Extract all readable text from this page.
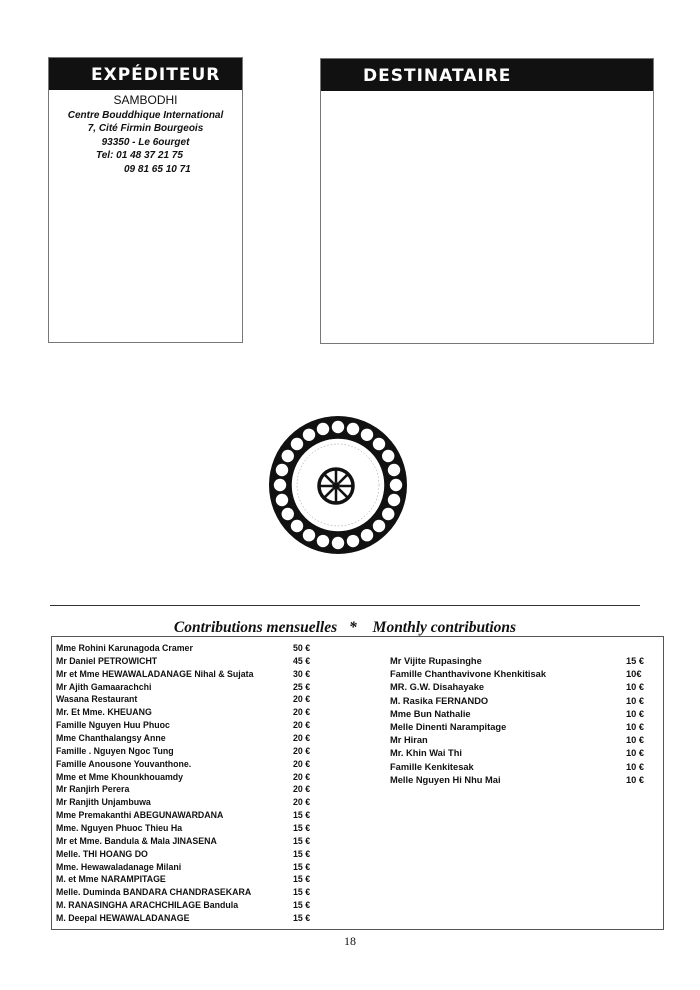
EXPÉDITEUR
SAMBODHI
Centre Bouddhique International
7, Cité Firmin Bourgeois
93350 - Le 6ourget
Tel: 01 48 37 21 75
09 81 65 10 71
DESTINATAIRE
Contributions mensuelles * Monthly contributions
Mme Rohini Karunagoda Cramer	50 €
Mr Daniel PETROWICHT	45 €
Mr et Mme HEWAWALADANAGE Nihal & Sujata	30 €
Mr Ajith Gamaarachchi	25 €
Wasana Restaurant	20 €
Mr. Et Mme. KHEUANG	20 €
Famille Nguyen Huu Phuoc	20 €
Mme Chanthalangsy Anne	20 €
Famille . Nguyen Ngoc Tung	20 €
Famille Anousone Youvanthone.	20 €
Mme et Mme Khounkhouamdy	20 €
Mr Ranjirh Perera	20 €
Mr Ranjith Unjambuwa	20 €
Mme Premakanthi ABEGUNAWARDANA	15 €
Mme. Nguyen Phuoc Thieu Ha	15 €
Mr et Mme. Bandula & Mala JINASENA	15 €
Melle. THI HOANG DO	15 €
Mme. Hewawaladanage Milani	15 €
M. et Mme NARAMPITAGE	15 €
Melle. Duminda BANDARA CHANDRASEKARA	15 €
M. RANASINGHA ARACHCHILAGE Bandula	15 €
M. Deepal HEWAWALADANAGE	15 €
Mr Vijite Rupasinghe	15 €
Famille Chanthavivone Khenkitisak	10€
MR. G.W. Disahayake	10 €
M. Rasika FERNANDO	10 €
Mme Bun Nathalie	10 €
Melle Dinenti Narampitage	10 €
Mr Hiran	10 €
Mr. Khin Wai Thi	10 €
Famille Kenkitesak	10 €
Melle Nguyen Hi Nhu Mai	10 €
18
